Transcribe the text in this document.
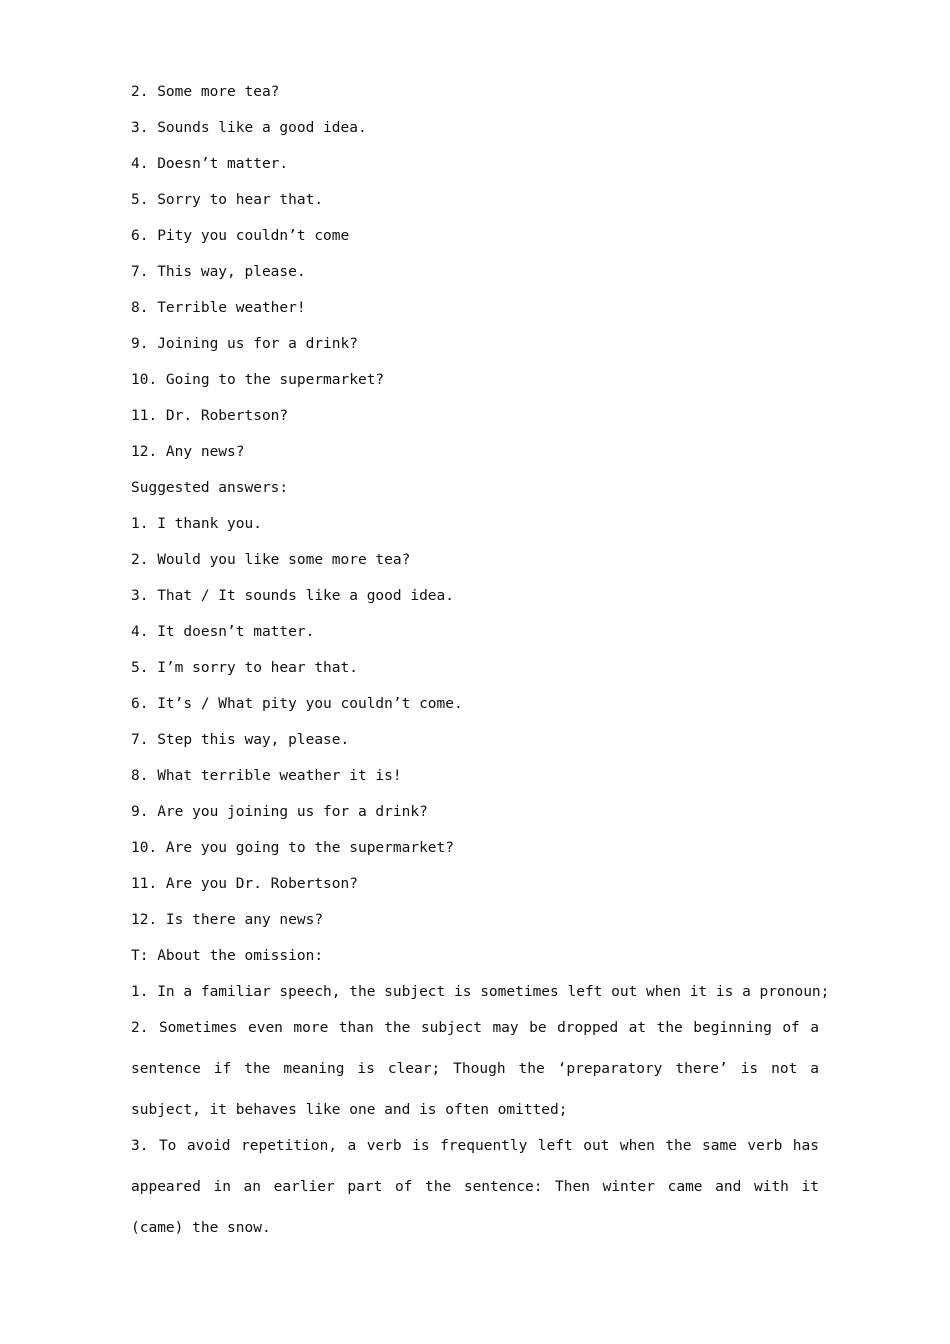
2. Some more tea?

3. Sounds like a good idea.

4. Doesn’t matter.

5. Sorry to hear that.

6. Pity you couldn’t come

7. This way, please.

8. Terrible weather!

9. Joining us for a drink?

10. Going to the supermarket?

11. Dr. Robertson?

12. Any news?

Suggested answers:

1. I thank you.

2. Would you like some more tea?

3. That / It sounds like a good idea.

4. It doesn’t matter.

5. I’m sorry to hear that.

6. It’s / What pity you couldn’t come.

7. Step this way, please.

8. What terrible weather it is!

9. Are you joining us for a drink?

10. Are you going to the supermarket?

11. Are you Dr. Robertson?

12. Is there any news?

T: About the omission:

1. In a familiar speech, the subject is sometimes left out when it is a pronoun;

2. Sometimes even more than the subject may be dropped at the beginning of a sentence if the meaning is clear; Though the ‘preparatory there’ is not a subject, it behaves like one and is often omitted;

3. To avoid repetition, a verb is frequently left out when the same verb has appeared in an earlier part of the sentence: Then winter came and with it (came) the snow.
